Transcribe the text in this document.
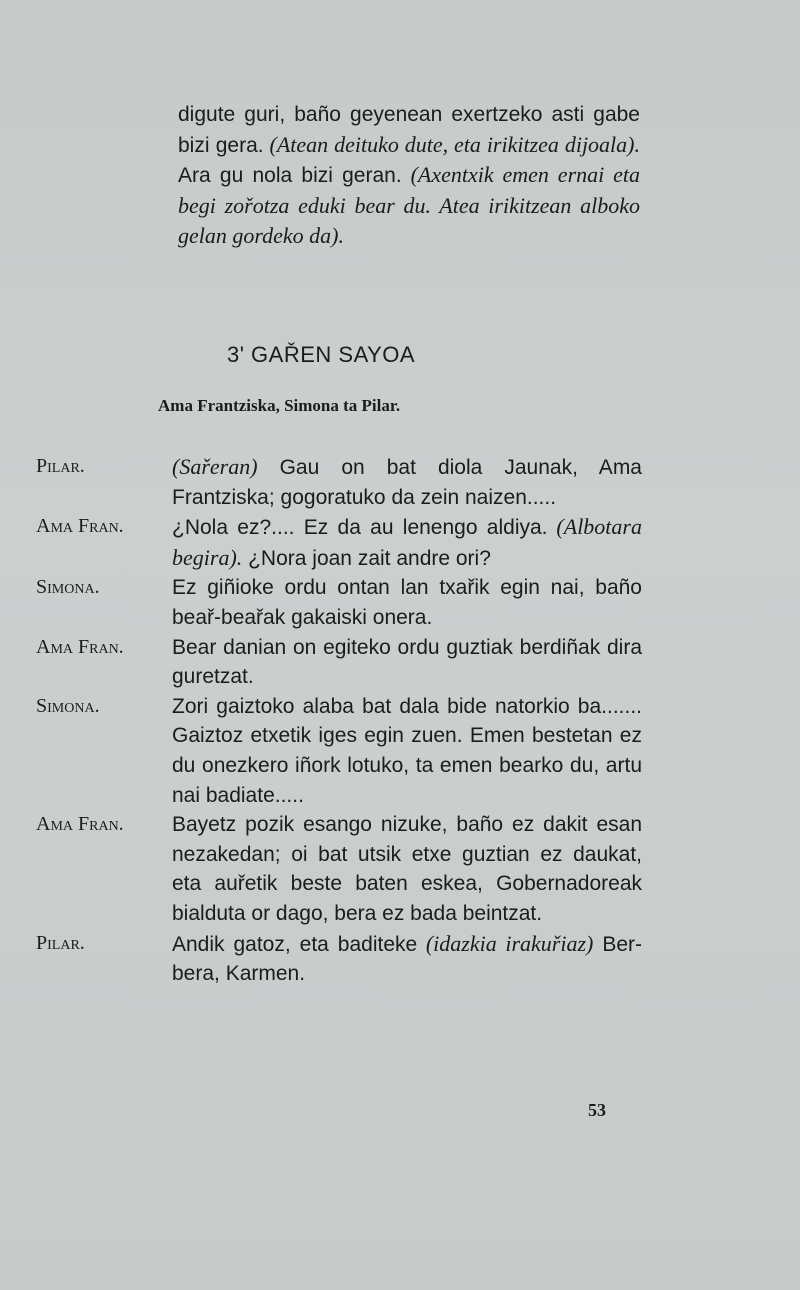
digute guri, baño geyenean exertzeko asti gabe bizi gera. (Atean deituko dute, eta irikitzea dijoala). Ara gu nola bizi geran. (Axentxik emen ernai eta begi zořotza eduki bear du. Atea irikitzean alboko gelan gordeko da).
3' GAŘEN SAYOA
Ama Frantziska, Simona ta Pilar.
Pilar.	(Sařeran) Gau on bat diola Jaunak, Ama Frantziska; gogoratuko da zein naizen.....
Ama Fran.	¿Nola ez?.... Ez da au lenengo aldiya. (Albotara begira). ¿Nora joan zait andre ori?
Simona.	Ez giñioke ordu ontan lan txařik egin nai, baño beař-beařak gakaiski onera.
Ama Fran.	Bear danian on egiteko ordu guztiak berdiñak dira guretzat.
Simona.	Zori gaiztoko alaba bat dala bide natorkio ba....... Gaiztoz etxetik iges egin zuen. Emen bestetan ez du onezkero iñork lotuko, ta emen bearko du, artu nai badiate.....
Ama Fran.	Bayetz pozik esango nizuke, baño ez dakit esan nezakedan; oi bat utsik etxe guztian ez daukat, eta auřetik beste baten eskea, Gobernadoreak bialduta or dago, bera ez bada beintzat.
Pilar.	Andik gatoz, eta baditeke (idazkia irakuřiaz) Ber-bera, Karmen.
53
